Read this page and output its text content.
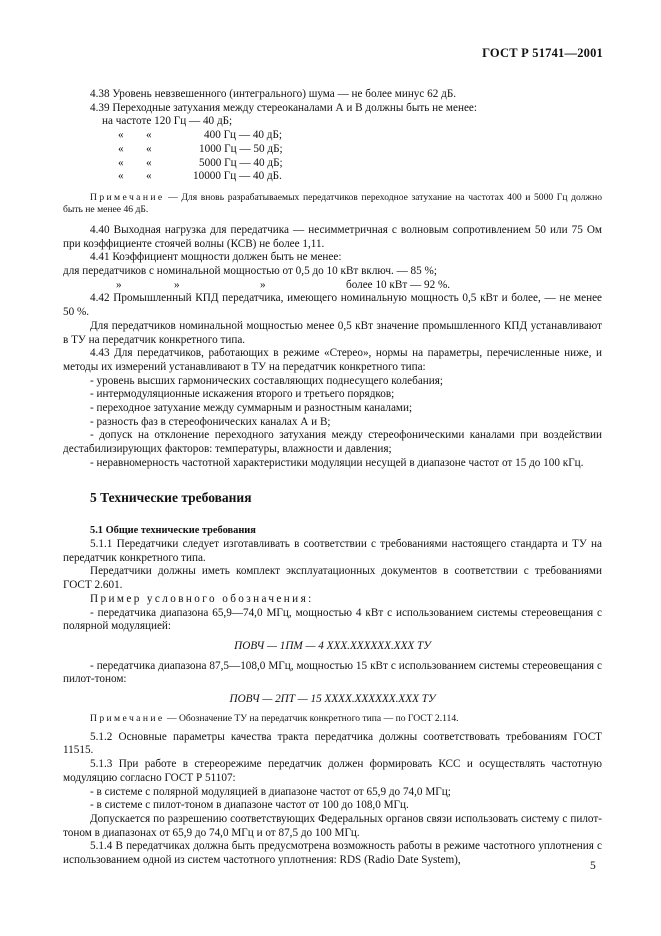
ГОСТ Р 51741—2001

4.38 Уровень невзвешенного (интегрального) шума — не более минус 62 дБ.

4.39 Переходные затухания между стереоканалами А и В должны быть не менее:

на частоте 120 Гц — 40 дБ;

«	«	400 Гц — 40 дБ;
«	«	1000 Гц — 50 дБ;
«	«	5000 Гц — 40 дБ;
«	«	10000 Гц — 40 дБ.

Примечание — Для вновь разрабатываемых передатчиков переходное затухание на частотах 400 и 5000 Гц должно быть не менее 46 дБ.

4.40 Выходная нагрузка для передатчика — несимметричная с волновым сопротивлением 50 или 75 Ом при коэффициенте стоячей волны (КСВ) не более 1,11.

4.41 Коэффициент мощности должен быть не менее:

для передатчиков с номинальной мощностью от 0,5 до 10 кВт включ. — 85 %;

»	»	»	более 10 кВт — 92 %.

4.42 Промышленный КПД передатчика, имеющего номинальную мощность 0,5 кВт и более, — не менее 50 %.

Для передатчиков номинальной мощностью менее 0,5 кВт значение промышленного КПД устанавливают в ТУ на передатчик конкретного типа.

4.43 Для передатчиков, работающих в режиме «Стерео», нормы на параметры, перечисленные ниже, и методы их измерений устанавливают в ТУ на передатчик конкретного типа:

- уровень высших гармонических составляющих поднесущего колебания;

- интермодуляционные искажения второго и третьего порядков;

- переходное затухание между суммарным и разностным каналами;

- разность фаз в стереофонических каналах А и В;

- допуск на отклонение переходного затухания между стереофоническими каналами при воздействии дестабилизирующих факторов: температуры, влажности и давления;

- неравномерность частотной характеристики модуляции несущей в диапазоне частот от 15 до 100 кГц.

5 Технические требования
5.1 Общие технические требования

5.1.1 Передатчики следует изготавливать в соответствии с требованиями настоящего стандарта и ТУ на передатчик конкретного типа.

Передатчики должны иметь комплект эксплуатационных документов в соответствии с требованиями ГОСТ 2.601.

Пример условного обозначения:

- передатчика диапазона 65,9—74,0 МГц, мощностью 4 кВт с использованием системы стереовещания с полярной модуляцией:

ПОВЧ — 1ПМ — 4 ХХХ.ХХХХХХ.ХХХ ТУ

- передатчика диапазона 87,5—108,0 МГц, мощностью 15 кВт с использованием системы стереовещания с пилот-тоном:

ПОВЧ — 2ПТ — 15 ХХХХ.ХХХХХХ.ХХХ ТУ

Примечание — Обозначение ТУ на передатчик конкретного типа — по ГОСТ 2.114.

5.1.2 Основные параметры качества тракта передатчика должны соответствовать требованиям ГОСТ 11515.

5.1.3 При работе в стереорежиме передатчик должен формировать КСС и осуществлять частотную модуляцию согласно ГОСТ Р 51107:

- в системе с полярной модуляцией в диапазоне частот от 65,9 до 74,0 МГц;

- в системе с пилот-тоном в диапазоне частот от 100 до 108,0 МГц.

Допускается по разрешению соответствующих Федеральных органов связи использовать систему с пилот-тоном в диапазонах от 65,9 до 74,0 МГц и от 87,5 до 100 МГц.

5.1.4 В передатчиках должна быть предусмотрена возможность работы в режиме частотного уплотнения с использованием одной из систем частотного уплотнения: RDS (Radio Date System),	5
